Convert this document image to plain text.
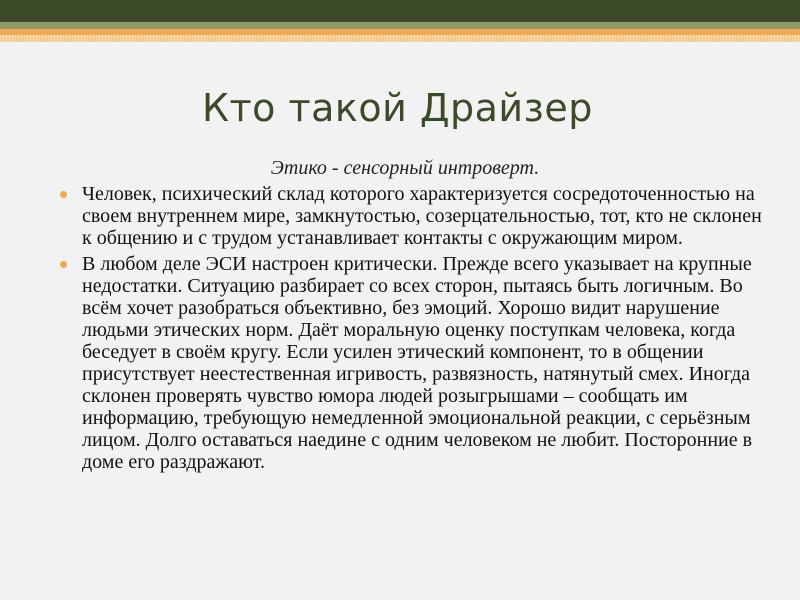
Кто такой Драйзер
Этико - сенсорный интроверт.
Человек, психический склад которого характеризуется сосредоточенностью на своем внутреннем мире, замкнутостью, созерцательностью, тот, кто не склонен к общению и с трудом устанавливает контакты с окружающим миром.
В любом деле ЭСИ настроен критически. Прежде всего указывает на крупные недостатки. Ситуацию разбирает со всех сторон, пытаясь быть логичным. Во всём хочет разобраться объективно, без эмоций. Хорошо видит нарушение людьми этических норм. Даёт моральную оценку поступкам человека, когда беседует в своём кругу. Если усилен этический компонент, то в общении присутствует неестественная игривость, развязность, натянутый смех. Иногда склонен проверять чувство юмора людей розыгрышами – сообщать им информацию, требующую немедленной эмоциональной реакции, с серьёзным лицом. Долго оставаться наедине с одним человеком не любит. Посторонние в доме его раздражают.
